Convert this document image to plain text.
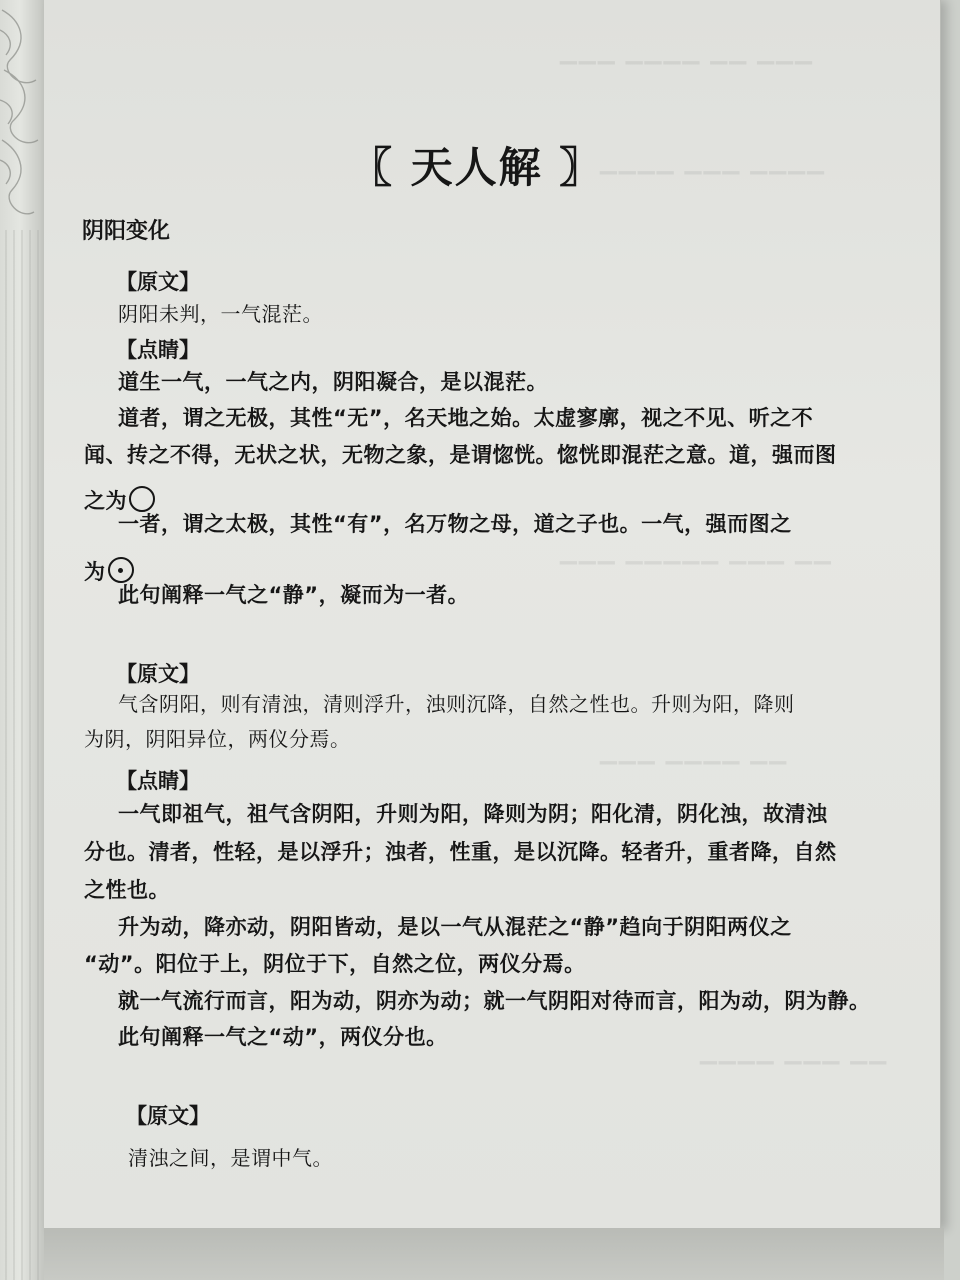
▁▁▁ ▁▁▁▁ ▁▁ ▁▁▁
▁▁▁▁ ▁▁▁ ▁▁▁▁
▁▁▁ ▁▁▁▁▁ ▁▁▁ ▁▁
▁▁▁ ▁▁▁▁ ▁▁
▁▁▁▁ ▁▁▁ ▁▁
〖 天人解 〗
阴阳变化
【原文】
阴阳未判，一气混茫。
【点睛】
道生一气，一气之内，阴阳凝合，是以混茫。
道者，谓之无极，其性“无”，名天地之始。太虚寥廓，视之不见、听之不
闻、抟之不得，无状之状，无物之象，是谓惚恍。惚恍即混茫之意。道，强而图
之为
一者，谓之太极，其性“有”，名万物之母，道之子也。一气，强而图之
为
此句阐释一气之“静”，凝而为一者。
【原文】
气含阴阳，则有清浊，清则浮升，浊则沉降，自然之性也。升则为阳，降则
为阴，阴阳异位，两仪分焉。
【点睛】
一气即祖气，祖气含阴阳，升则为阳，降则为阴；阳化清，阴化浊，故清浊
分也。清者，性轻，是以浮升；浊者，性重，是以沉降。轻者升，重者降，自然
之性也。
升为动，降亦动，阴阳皆动，是以一气从混茫之“静”趋向于阴阳两仪之
“动”。阳位于上，阴位于下，自然之位，两仪分焉。
就一气流行而言，阳为动，阴亦为动；就一气阴阳对待而言，阳为动，阴为静。
此句阐释一气之“动”，两仪分也。
【原文】
清浊之间，是谓中气。
